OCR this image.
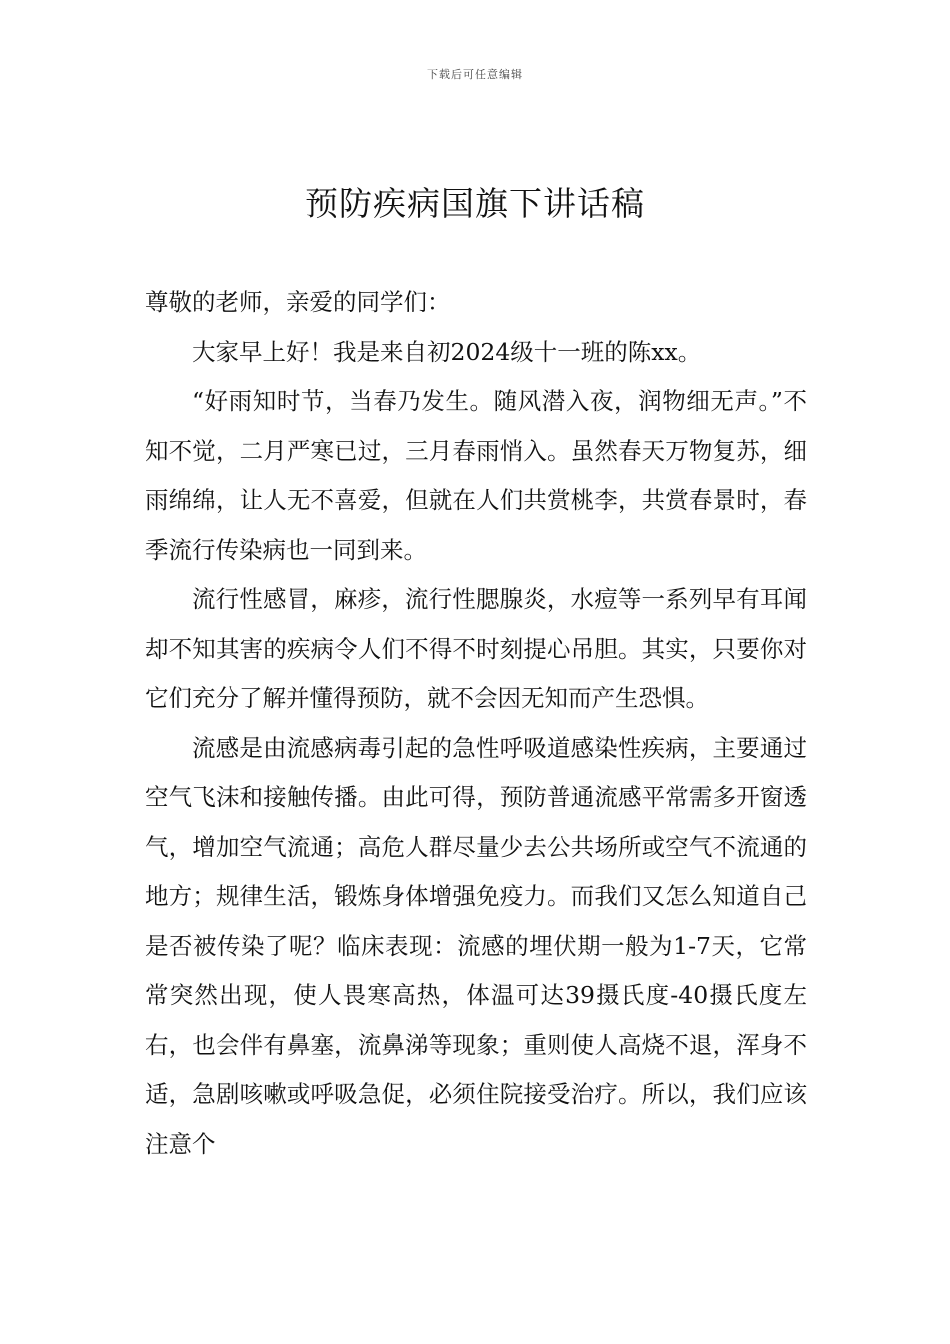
下载后可任意编辑
预防疾病国旗下讲话稿

尊敬的老师，亲爱的同学们：

大家早上好！我是来自初2024级十一班的陈xx。

“好雨知时节，当春乃发生。随风潜入夜，润物细无声。”不知不觉，二月严寒已过，三月春雨悄入。虽然春天万物复苏，细雨绵绵，让人无不喜爱，但就在人们共赏桃李，共赏春景时，春季流行传染病也一同到来。

流行性感冒，麻疹，流行性腮腺炎，水痘等一系列早有耳闻却不知其害的疾病令人们不得不时刻提心吊胆。其实，只要你对它们充分了解并懂得预防，就不会因无知而产生恐惧。

流感是由流感病毒引起的急性呼吸道感染性疾病，主要通过空气飞沫和接触传播。由此可得，预防普通流感平常需多开窗透气，增加空气流通；高危人群尽量少去公共场所或空气不流通的地方；规律生活，锻炼身体增强免疫力。而我们又怎么知道自己是否被传染了呢？临床表现：流感的埋伏期一般为1-7天，它常常突然出现，使人畏寒高热，体温可达39摄氏度-40摄氏度左右，也会伴有鼻塞，流鼻涕等现象；重则使人高烧不退，浑身不适，急剧咳嗽或呼吸急促，必须住院接受治疗。所以，我们应该注意个
